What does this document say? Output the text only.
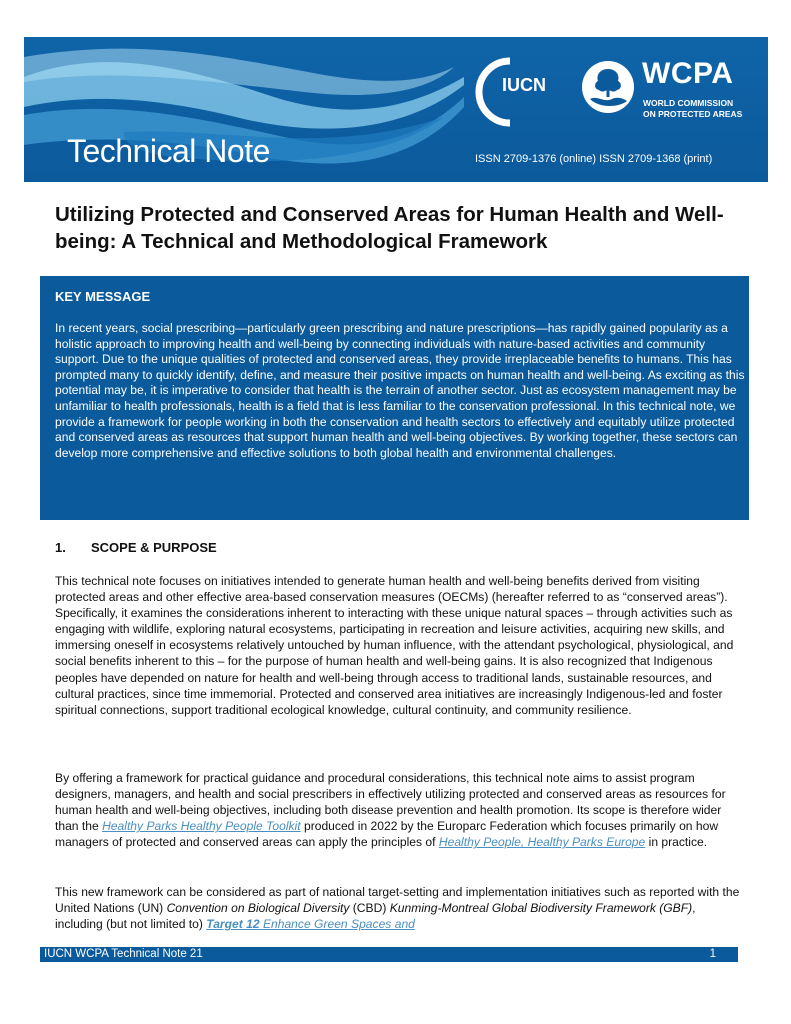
IUCN	WCPA
WORLD COMMISSION
ON PROTECTED AREAS
Technical Note	ISSN 2709-1376 (online) ISSN 2709-1368 (print)
Utilizing Protected and Conserved Areas for Human Health and Well-being: A Technical and Methodological Framework
KEY MESSAGE

In recent years, social prescribing—particularly green prescribing and nature prescriptions—has rapidly gained popularity as a holistic approach to improving health and well-being by connecting individuals with nature-based activities and community support. Due to the unique qualities of protected and conserved areas, they provide irreplaceable benefits to humans. This has prompted many to quickly identify, define, and measure their positive impacts on human health and well-being. As exciting as this potential may be, it is imperative to consider that health is the terrain of another sector. Just as ecosystem management may be unfamiliar to health professionals, health is a field that is less familiar to the conservation professional. In this technical note, we provide a framework for people working in both the conservation and health sectors to effectively and equitably utilize protected and conserved areas as resources that support human health and well-being objectives. By working together, these sectors can develop more comprehensive and effective solutions to both global health and environmental challenges.

1. SCOPE & PURPOSE

This technical note focuses on initiatives intended to generate human health and well-being benefits derived from visiting protected areas and other effective area-based conservation measures (OECMs) (hereafter referred to as “conserved areas”). Specifically, it examines the considerations inherent to interacting with these unique natural spaces – through activities such as engaging with wildlife, exploring natural ecosystems, participating in recreation and leisure activities, acquiring new skills, and immersing oneself in ecosystems relatively untouched by human influence, with the attendant psychological, physiological, and social benefits inherent to this – for the purpose of human health and well-being gains. It is also recognized that Indigenous peoples have depended on nature for health and well-being through access to traditional lands, sustainable resources, and cultural practices, since time immemorial. Protected and conserved area initiatives are increasingly Indigenous-led and foster spiritual connections, support traditional ecological knowledge, cultural continuity, and community resilience.

By offering a framework for practical guidance and procedural considerations, this technical note aims to assist program designers, managers, and health and social prescribers in effectively utilizing protected and conserved areas as resources for human health and well-being objectives, including both disease prevention and health promotion. Its scope is therefore wider than the Healthy Parks Healthy People Toolkit produced in 2022 by the Europarc Federation which focuses primarily on how managers of protected and conserved areas can apply the principles of Healthy People, Healthy Parks Europe in practice.

This new framework can be considered as part of national target-setting and implementation initiatives such as reported with the United Nations (UN) Convention on Biological Diversity (CBD) Kunming-Montreal Global Biodiversity Framework (GBF), including (but not limited to) Target 12 Enhance Green Spaces and

IUCN WCPA Technical Note 21	1
